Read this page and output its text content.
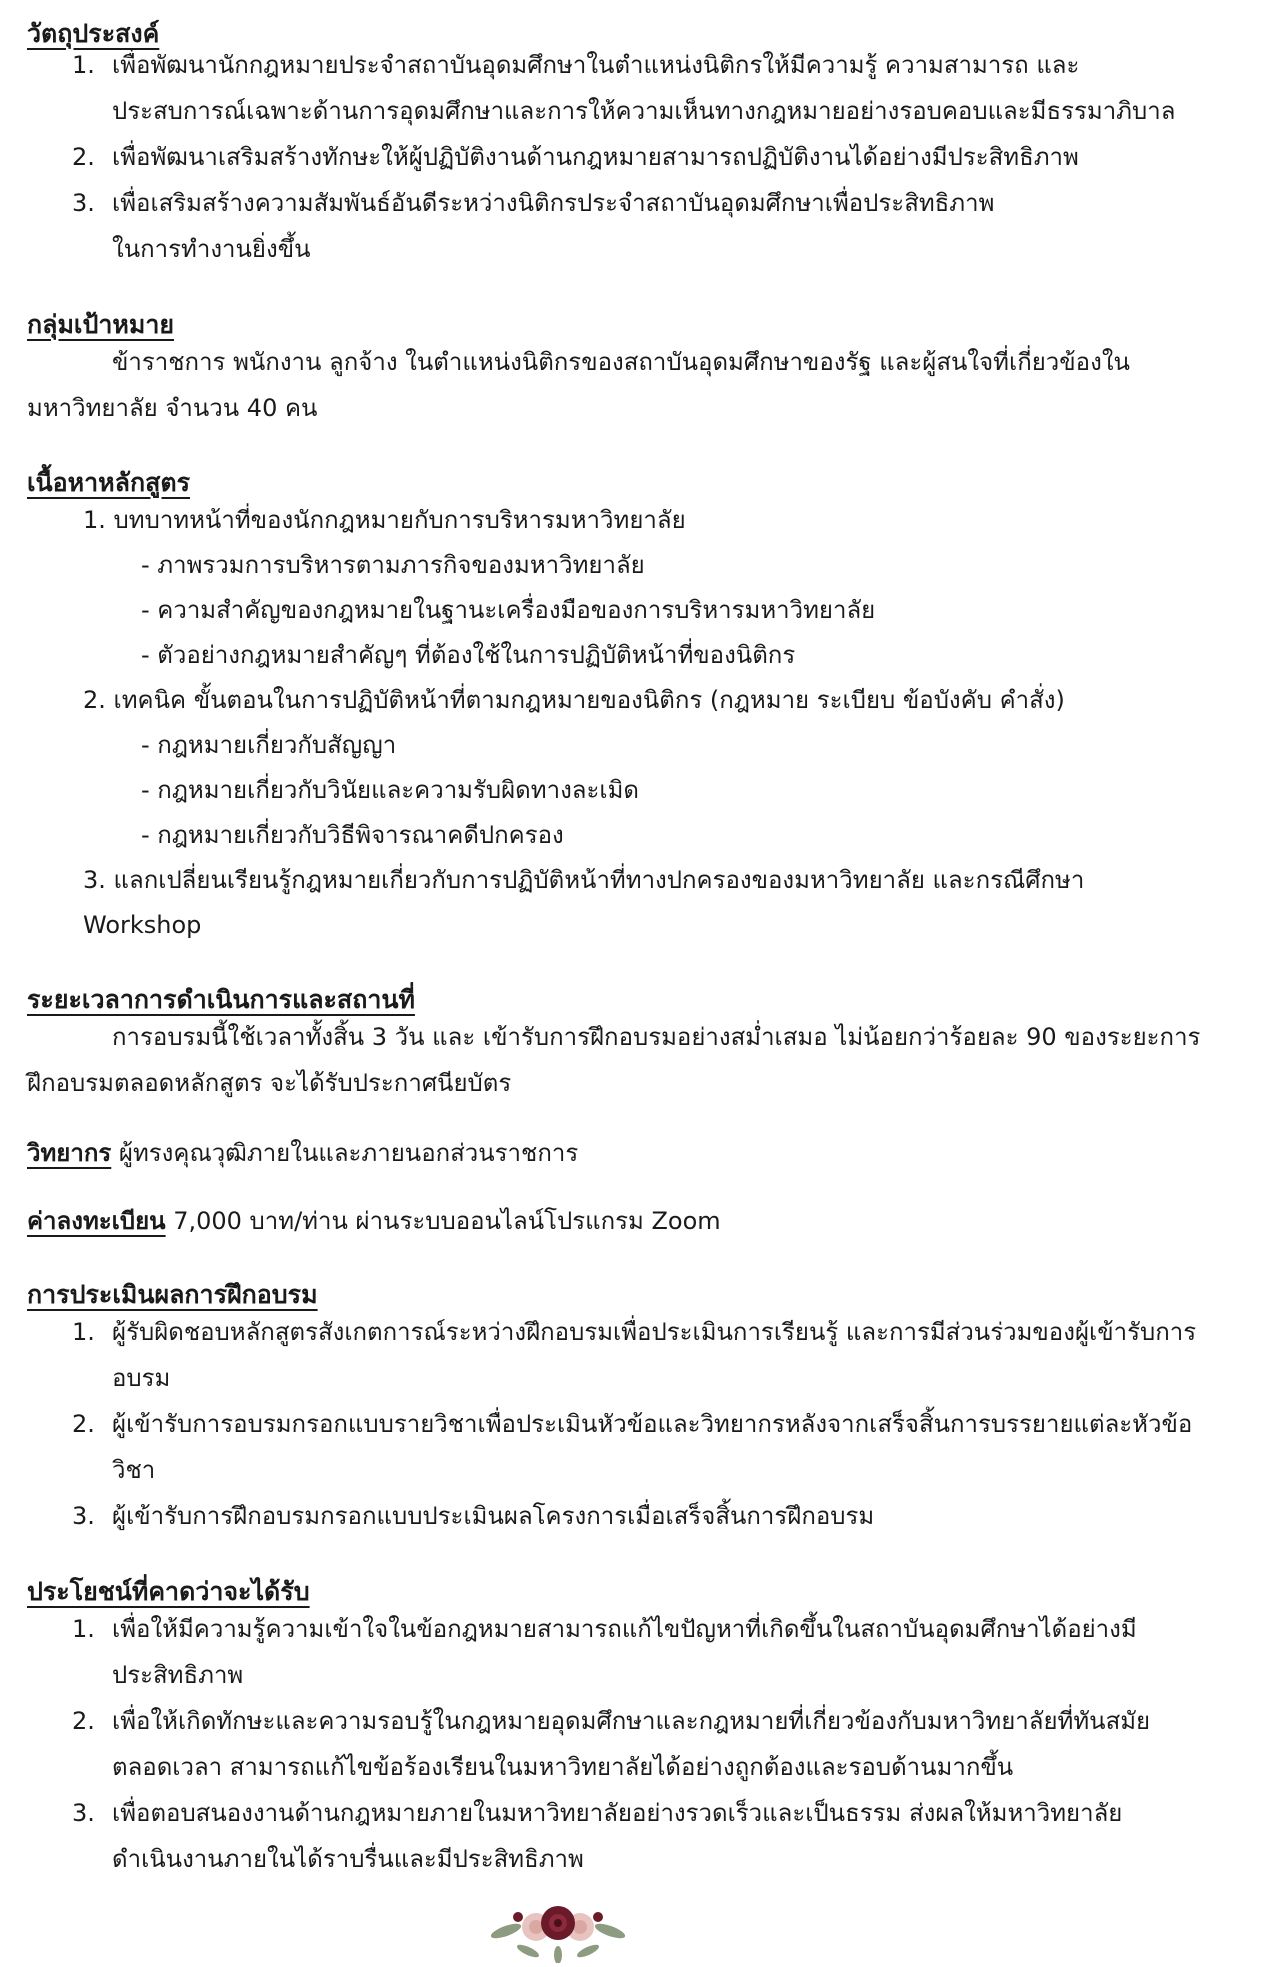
วัตถุประสงค์
1. เพื่อพัฒนานักกฎหมายประจำสถาบันอุดมศึกษาในตำแหน่งนิติกรให้มีความรู้ ความสามารถ และ
ประสบการณ์เฉพาะด้านการอุดมศึกษาและการให้ความเห็นทางกฎหมายอย่างรอบคอบและมีธรรมาภิบาล
2. เพื่อพัฒนาเสริมสร้างทักษะให้ผู้ปฏิบัติงานด้านกฎหมายสามารถปฏิบัติงานได้อย่างมีประสิทธิภาพ
3. เพื่อเสริมสร้างความสัมพันธ์อันดีระหว่างนิติกรประจำสถาบันอุดมศึกษาเพื่อประสิทธิภาพ
ในการทำงานยิ่งขึ้น
กลุ่มเป้าหมาย
ข้าราชการ พนักงาน ลูกจ้าง ในตำแหน่งนิติกรของสถาบันอุดมศึกษาของรัฐ และผู้สนใจที่เกี่ยวข้องใน
มหาวิทยาลัย จำนวน 40 คน
เนื้อหาหลักสูตร
1. บทบาทหน้าที่ของนักกฎหมายกับการบริหารมหาวิทยาลัย
- ภาพรวมการบริหารตามภารกิจของมหาวิทยาลัย
- ความสำคัญของกฎหมายในฐานะเครื่องมือของการบริหารมหาวิทยาลัย
- ตัวอย่างกฎหมายสำคัญๆ ที่ต้องใช้ในการปฏิบัติหน้าที่ของนิติกร
2. เทคนิค ขั้นตอนในการปฏิบัติหน้าที่ตามกฎหมายของนิติกร (กฎหมาย ระเบียบ ข้อบังคับ คำสั่ง)
- กฎหมายเกี่ยวกับสัญญา
- กฎหมายเกี่ยวกับวินัยและความรับผิดทางละเมิด
- กฎหมายเกี่ยวกับวิธีพิจารณาคดีปกครอง
3. แลกเปลี่ยนเรียนรู้กฎหมายเกี่ยวกับการปฏิบัติหน้าที่ทางปกครองของมหาวิทยาลัย และกรณีศึกษา
Workshop
ระยะเวลาการดำเนินการและสถานที่
การอบรมนี้ใช้เวลาทั้งสิ้น 3 วัน และ เข้ารับการฝึกอบรมอย่างสม่ำเสมอ ไม่น้อยกว่าร้อยละ 90 ของระยะการ
ฝึกอบรมตลอดหลักสูตร จะได้รับประกาศนียบัตร
วิทยากร ผู้ทรงคุณวุฒิภายในและภายนอกส่วนราชการ
ค่าลงทะเบียน 7,000 บาท/ท่าน ผ่านระบบออนไลน์โปรแกรม Zoom
การประเมินผลการฝึกอบรม
1. ผู้รับผิดชอบหลักสูตรสังเกตการณ์ระหว่างฝึกอบรมเพื่อประเมินการเรียนรู้ และการมีส่วนร่วมของผู้เข้ารับการ
อบรม
2. ผู้เข้ารับการอบรมกรอกแบบรายวิชาเพื่อประเมินหัวข้อและวิทยากรหลังจากเสร็จสิ้นการบรรยายแต่ละหัวข้อ
วิชา
3. ผู้เข้ารับการฝึกอบรมกรอกแบบประเมินผลโครงการเมื่อเสร็จสิ้นการฝึกอบรม
ประโยชน์ที่คาดว่าจะได้รับ
1. เพื่อให้มีความรู้ความเข้าใจในข้อกฎหมายสามารถแก้ไขปัญหาที่เกิดขึ้นในสถาบันอุดมศึกษาได้อย่างมี
ประสิทธิภาพ
2. เพื่อให้เกิดทักษะและความรอบรู้ในกฎหมายอุดมศึกษาและกฎหมายที่เกี่ยวข้องกับมหาวิทยาลัยที่ทันสมัย
ตลอดเวลา สามารถแก้ไขข้อร้องเรียนในมหาวิทยาลัยได้อย่างถูกต้องและรอบด้านมากขึ้น
3. เพื่อตอบสนองงานด้านกฎหมายภายในมหาวิทยาลัยอย่างรวดเร็วและเป็นธรรม ส่งผลให้มหาวิทยาลัย
ดำเนินงานภายในได้ราบรื่นและมีประสิทธิภาพ
